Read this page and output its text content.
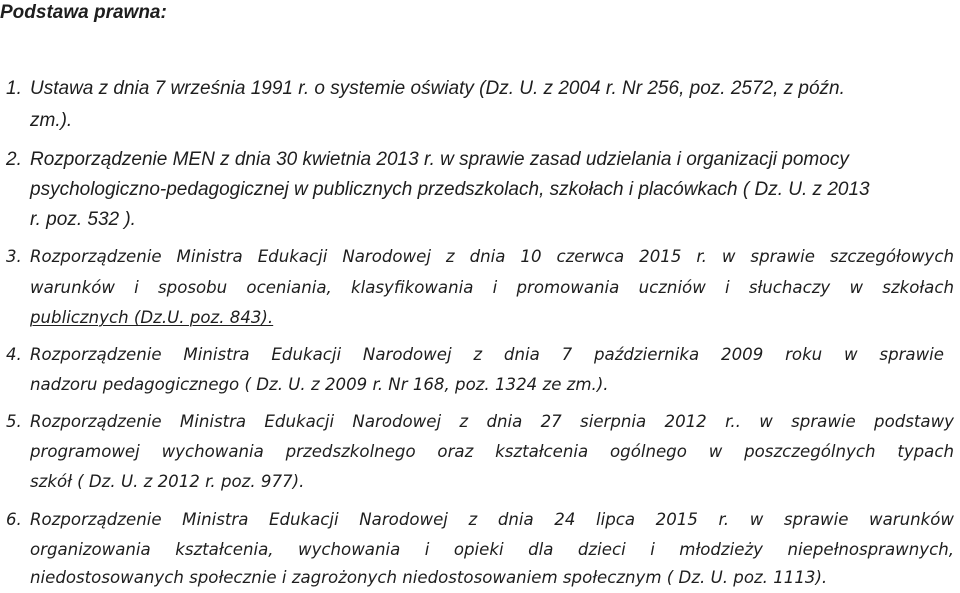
Podstawa prawna:
1. Ustawa z dnia 7 września 1991 r. o systemie oświaty (Dz. U. z 2004 r. Nr 256, poz. 2572, z późn.
zm.).
2. Rozporządzenie MEN z dnia 30 kwietnia 2013 r. w sprawie zasad udzielania i organizacji pomocy
psychologiczno-pedagogicznej w publicznych przedszkolach, szkołach i placówkach ( Dz. U. z 2013
r. poz. 532 ).
3. Rozporządzenie Ministra Edukacji Narodowej z dnia 10 czerwca 2015 r. w sprawie szczegółowych
warunków i sposobu oceniania, klasyfikowania i promowania uczniów i słuchaczy w szkołach
publicznych (Dz.U. poz. 843).
4. Rozporządzenie Ministra Edukacji Narodowej z dnia 7 października 2009 roku w sprawie
nadzoru pedagogicznego ( Dz. U. z 2009 r. Nr 168, poz. 1324 ze zm.).
5. Rozporządzenie Ministra Edukacji Narodowej z dnia 27 sierpnia 2012 r.. w sprawie podstawy
programowej wychowania przedszkolnego oraz kształcenia ogólnego w poszczególnych typach
szkół ( Dz. U. z 2012 r. poz. 977).
6. Rozporządzenie Ministra Edukacji Narodowej z dnia 24 lipca 2015 r. w sprawie warunków
organizowania kształcenia, wychowania i opieki dla dzieci i młodzieży niepełnosprawnych,
niedostosowanych społecznie i zagrożonych niedostosowaniem społecznym ( Dz. U. poz. 1113).
